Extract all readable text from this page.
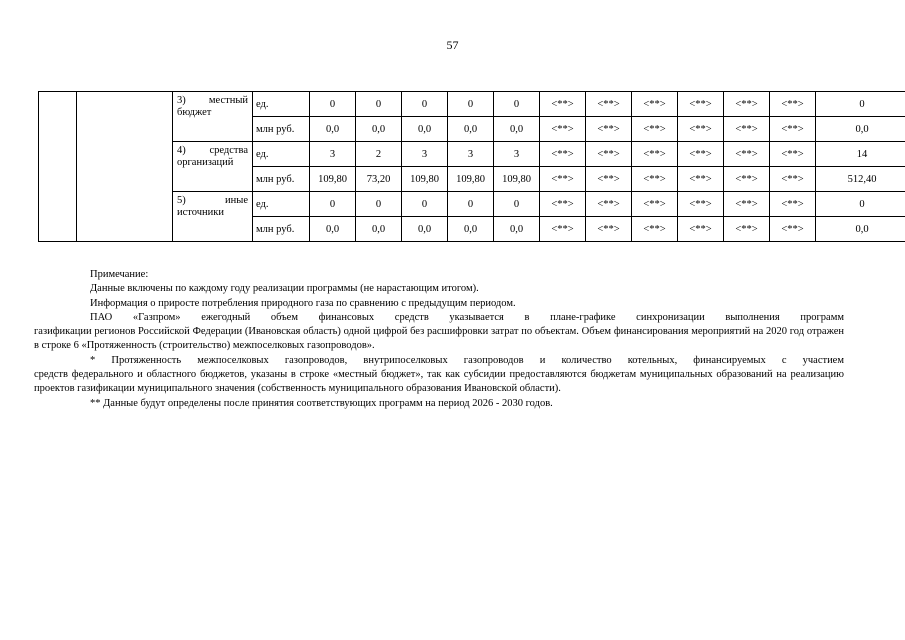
57

		3) местный
бюджет	ед.	0	0	0	0	0	<**>	<**>	<**>	<**>	<**>	<**>	0
			млн руб.	0,0	0,0	0,0	0,0	0,0	<**>	<**>	<**>	<**>	<**>	<**>	0,0

		4) средства
организаций	ед.	3	2	3	3	3	<**>	<**>	<**>	<**>	<**>	<**>	14
			млн руб.	109,80	73,20	109,80	109,80	109,80	<**>	<**>	<**>	<**>	<**>	<**>	512,40

		5) иные
источники	ед.	0	0	0	0	0	<**>	<**>	<**>	<**>	<**>	<**>	0
			млн руб.	0,0	0,0	0,0	0,0	0,0	<**>	<**>	<**>	<**>	<**>	<**>	0,0

Примечание:

Данные включены по каждому году реализации программы (не нарастающим итогом).

Информация о приросте потребления природного газа по сравнению с предыдущим периодом.

ПАО «Газпром» ежегодный объем финансовых средств указывается в плане-графике синхронизации выполнения программ
газификации регионов Российской Федерации (Ивановская область) одной цифрой без расшифровки затрат по объектам. Объем финансирования мероприятий на 2020 год отражен в строке 6 «Протяженность (строительство) межпоселковых газопроводов».
* Протяженность межпоселковых газопроводов, внутрипоселковых газопроводов и количество котельных, финансируемых с участием
средств федерального и областного бюджетов, указаны в строке «местный бюджет», так как субсидии предоставляются бюджетам муниципальных образований на реализацию проектов газификации муниципального значения (собственность муниципального образования Ивановской области).

** Данные будут определены после принятия соответствующих программ на период 2026 - 2030 годов.
